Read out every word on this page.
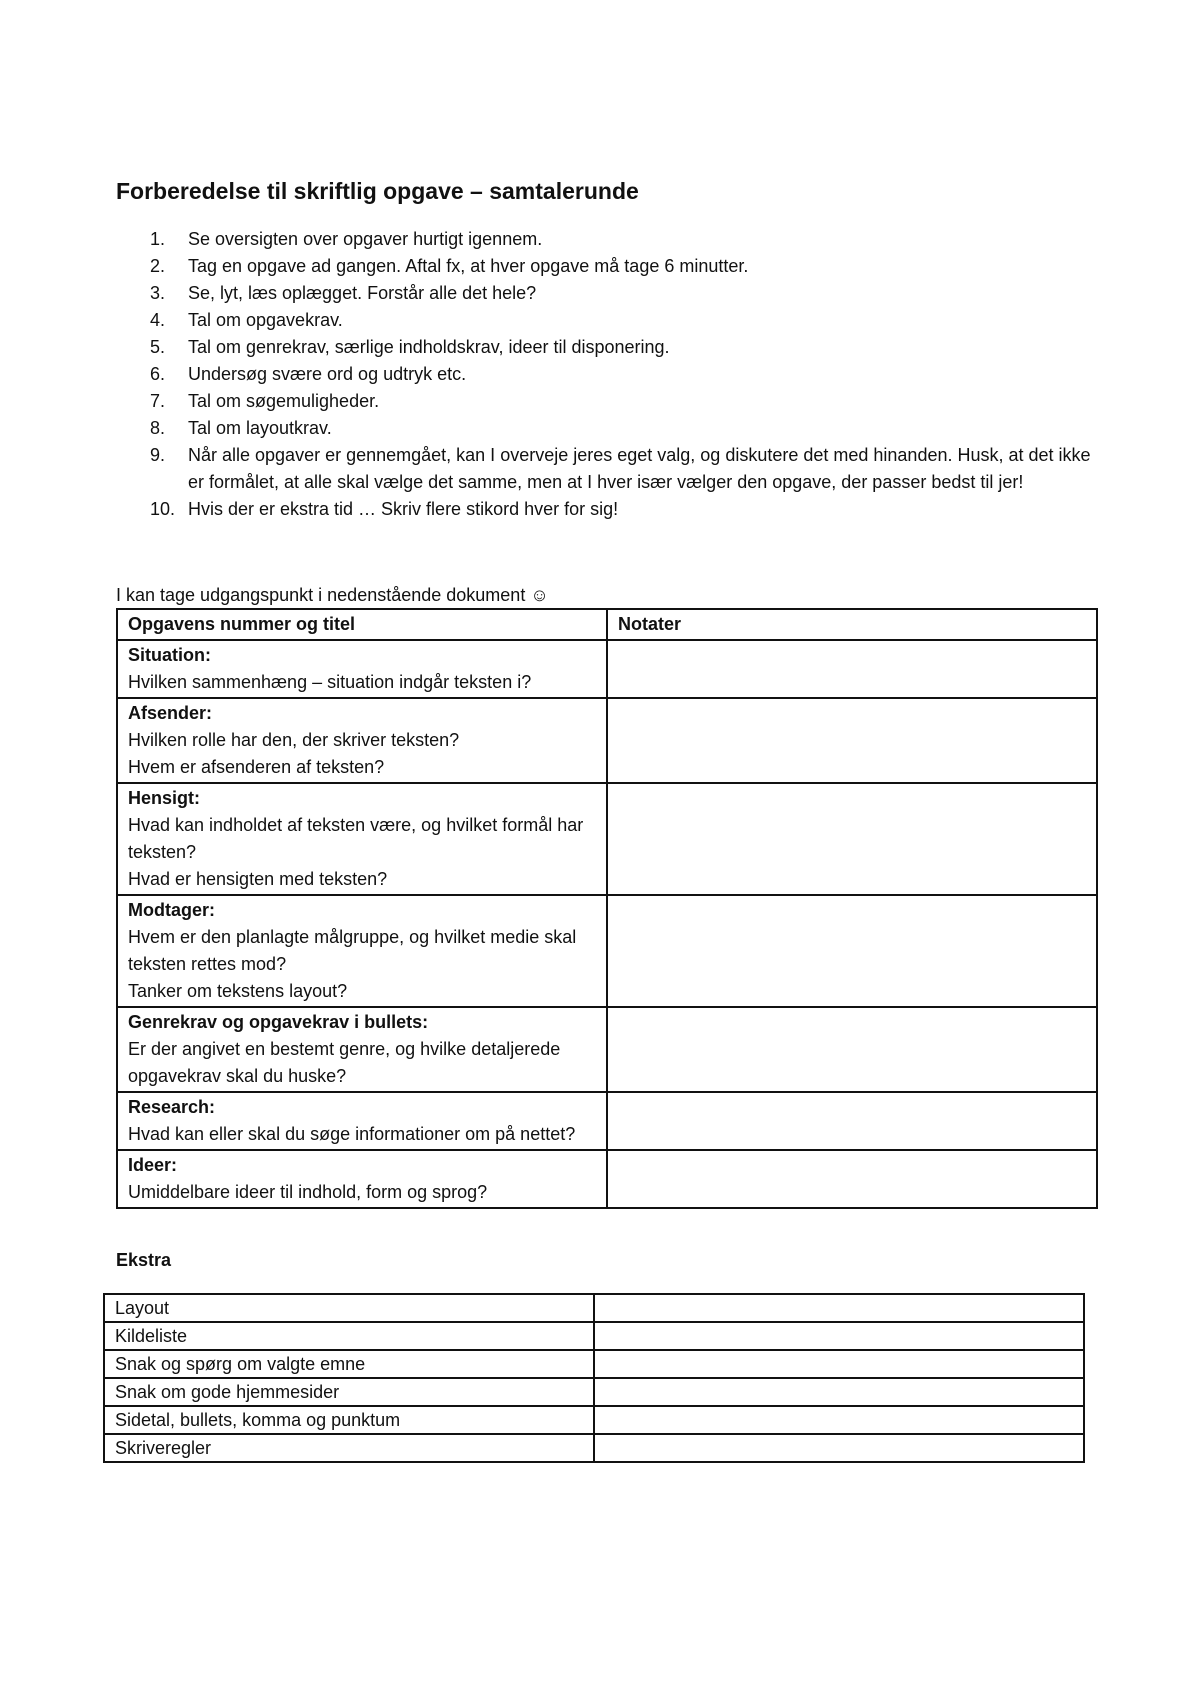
Forberedelse til skriftlig opgave – samtalerunde
1.	Se oversigten over opgaver hurtigt igennem.
2.	Tag en opgave ad gangen. Aftal fx, at hver opgave må tage 6 minutter.
3.	Se, lyt, læs oplægget. Forstår alle det hele?
4.	Tal om opgavekrav.
5.	Tal om genrekrav, særlige indholdskrav, ideer til disponering.
6.	Undersøg svære ord og udtryk etc.
7.	Tal om søgemuligheder.
8.	Tal om layoutkrav.
9.	Når alle opgaver er gennemgået, kan I overveje jeres eget valg, og diskutere det med hinanden. Husk, at det ikke er formålet, at alle skal vælge det samme, men at I hver især vælger den opgave, der passer bedst til jer!
10. Hvis der er ekstra tid … Skriv flere stikord hver for sig!
I kan tage udgangspunkt i nedenstående dokument ☺
Opgavens nummer og titel	Notater

Situation:
Hvilken sammenhæng – situation indgår teksten i?	

Afsender:
Hvilken rolle har den, der skriver teksten?
Hvem er afsenderen af teksten?	

Hensigt:
Hvad kan indholdet af teksten være, og hvilket formål har teksten?
Hvad er hensigten med teksten?	

Modtager:
Hvem er den planlagte målgruppe, og hvilket medie skal teksten rettes mod?
Tanker om tekstens layout?	

Genrekrav og opgavekrav i bullets:
Er der angivet en bestemt genre, og hvilke detaljerede opgavekrav skal du huske?	

Research:
Hvad kan eller skal du søge informationer om på nettet?	

Ideer:
Umiddelbare ideer til indhold, form og sprog?	

Ekstra
Layout	
Kildeliste	
Snak og spørg om valgte emne	
Snak om gode hjemmesider	
Sidetal, bullets, komma og punktum	
Skriveregler	
